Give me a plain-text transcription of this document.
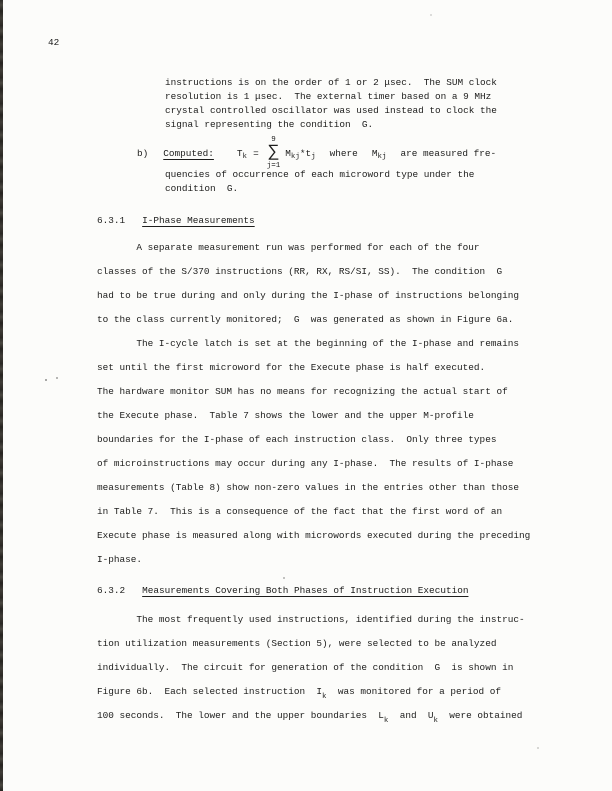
42
instructions is on the order of 1 or 2 μsec.  The SUM clock
resolution is 1 μsec.  The external timer based on a 9 MHz
crystal controlled oscillator was used instead to clock the
signal representing the condition  G.
b) Computed: T k =
9
∑
j=1
M kj * t j where M kj are measured fre-
quencies of occurrence of each microword type under the
condition  G.
6.3.1 I-Phase Measurements
A separate measurement run was performed for each of the four
classes of the S/370 instructions (RR, RX, RS/SI, SS).  The condition  G
had to be true during and only during the I-phase of instructions belonging
to the class currently monitored;  G  was generated as shown in Figure 6a.
The I-cycle latch is set at the beginning of the I-phase and remains
set until the first microword for the Execute phase is half executed.
The hardware monitor SUM has no means for recognizing the actual start of
the Execute phase.  Table 7 shows the lower and the upper M-profile
boundaries for the I-phase of each instruction class.  Only three types
of microinstructions may occur during any I-phase.  The results of I-phase
measurements (Table 8) show non-zero values in the entries other than those
in Table 7.  This is a consequence of the fact that the first word of an
Execute phase is measured along with microwords executed during the preceding
I-phase.
6.3.2 Measurements Covering Both Phases of Instruction Execution
The most frequently used instructions, identified during the instruc-
tion utilization measurements (Section 5), were selected to be analyzed
individually.  The circuit for generation of the condition  G  is shown in
Figure 6b.  Each selected instruction  $I_k$  was monitored for a period of
100 seconds.  The lower and the upper boundaries  $L_k$  and  $U_k$  were obtained
